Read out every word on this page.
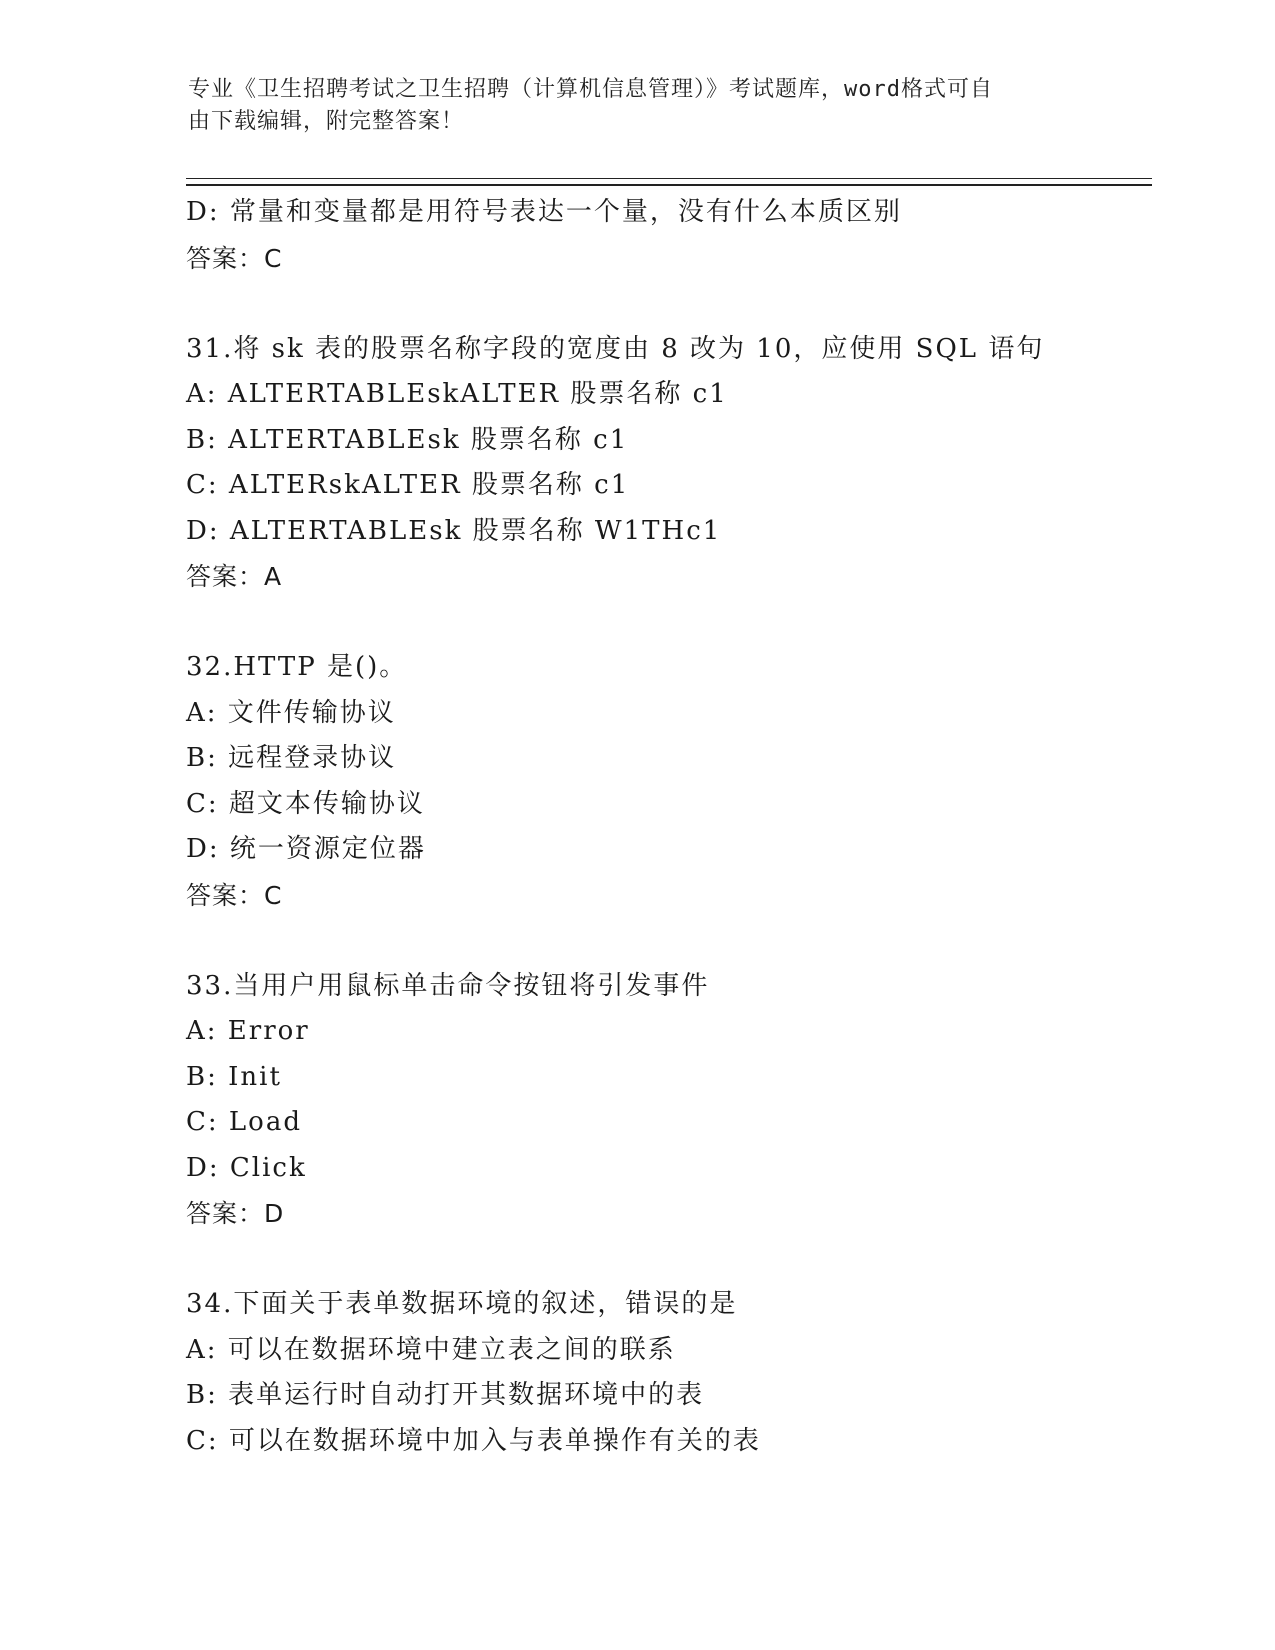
专业《卫生招聘考试之卫生招聘（计算机信息管理）》考试题库，word格式可自
由下载编辑，附完整答案！
D: 常量和变量都是用符号表达一个量，没有什么本质区别
答案：C
31.将 sk 表的股票名称字段的宽度由 8 改为 10，应使用 SQL 语句
A: ALTERTABLEskALTER 股票名称 c1
B: ALTERTABLEsk 股票名称 c1
C: ALTERskALTER 股票名称 c1
D: ALTERTABLEsk 股票名称 W1THc1
答案：A
32.HTTP 是()。
A: 文件传输协议
B: 远程登录协议
C: 超文本传输协议
D: 统一资源定位器
答案：C
33.当用户用鼠标单击命令按钮将引发事件
A: Error
B: Init
C: Load
D: Click
答案：D
34.下面关于表单数据环境的叙述，错误的是
A: 可以在数据环境中建立表之间的联系
B: 表单运行时自动打开其数据环境中的表
C: 可以在数据环境中加入与表单操作有关的表
